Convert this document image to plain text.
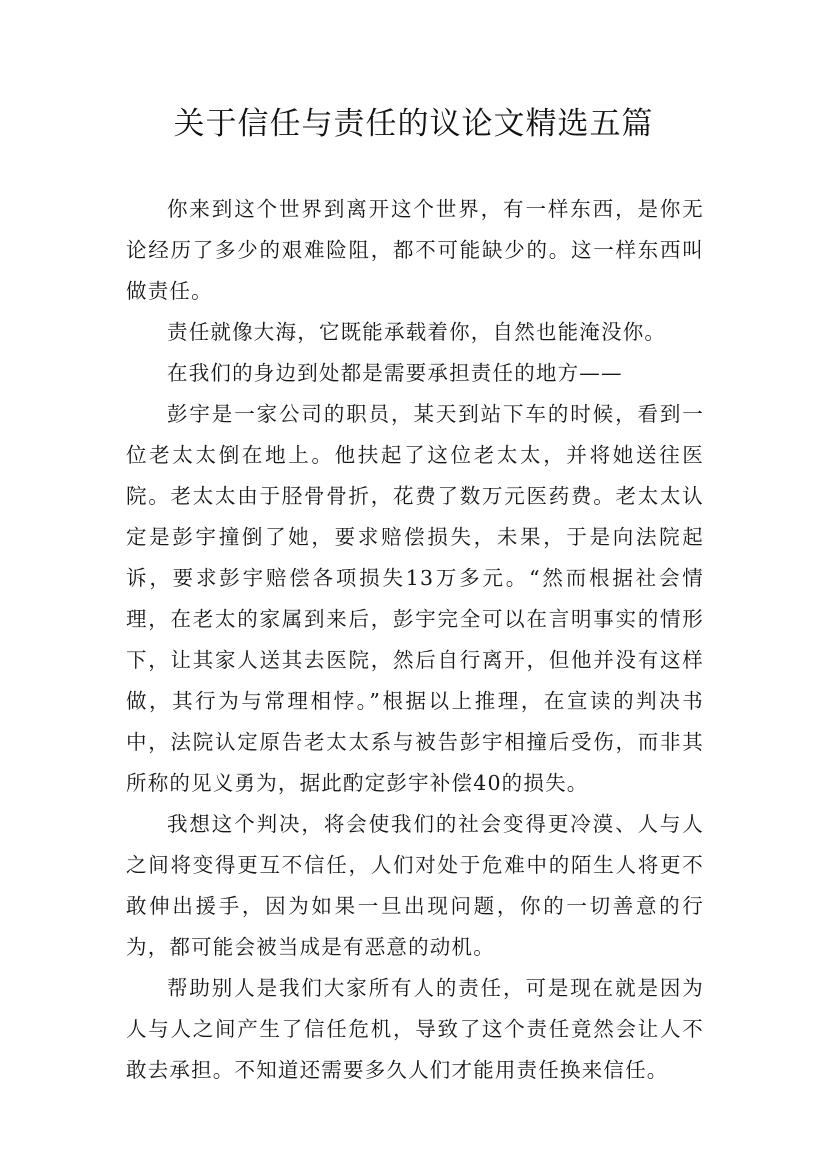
关于信任与责任的议论文精选五篇

你来到这个世界到离开这个世界，有一样东西，是你无论经历了多少的艰难险阻，都不可能缺少的。这一样东西叫做责任。

责任就像大海，它既能承载着你，自然也能淹没你。

在我们的身边到处都是需要承担责任的地方——

彭宇是一家公司的职员，某天到站下车的时候，看到一位老太太倒在地上。他扶起了这位老太太，并将她送往医院。老太太由于胫骨骨折，花费了数万元医药费。老太太认定是彭宇撞倒了她，要求赔偿损失，未果，于是向法院起诉，要求彭宇赔偿各项损失13万多元。“然而根据社会情理，在老太的家属到来后，彭宇完全可以在言明事实的情形下，让其家人送其去医院，然后自行离开，但他并没有这样做，其行为与常理相悖。”根据以上推理，在宣读的判决书中，法院认定原告老太太系与被告彭宇相撞后受伤，而非其所称的见义勇为，据此酌定彭宇补偿40的损失。

我想这个判决，将会使我们的社会变得更冷漠、人与人之间将变得更互不信任，人们对处于危难中的陌生人将更不敢伸出援手，因为如果一旦出现问题，你的一切善意的行为，都可能会被当成是有恶意的动机。

帮助别人是我们大家所有人的责任，可是现在就是因为人与人之间产生了信任危机，导致了这个责任竟然会让人不敢去承担。不知道还需要多久人们才能用责任换来信任。
